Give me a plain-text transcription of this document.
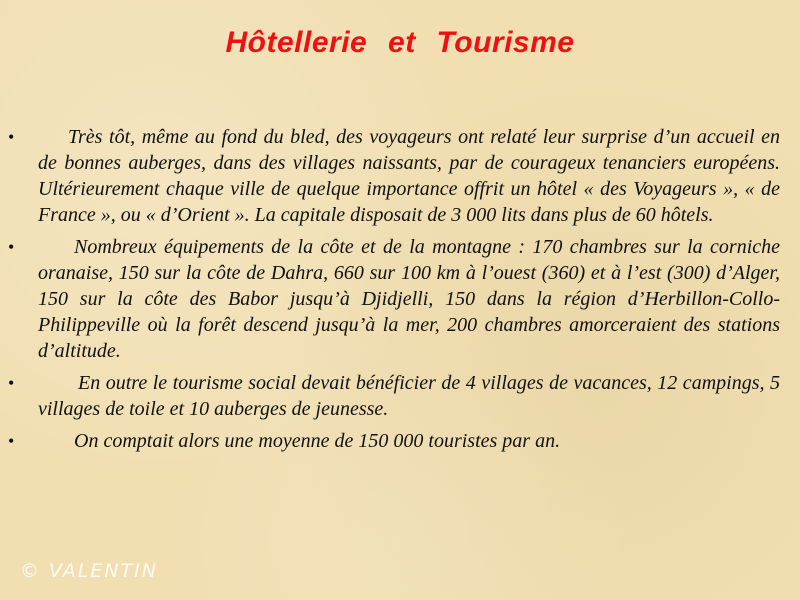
Hôtellerie et Tourisme
•	Très tôt, même au fond du bled, des voyageurs ont relaté leur surprise d’un accueil en de bonnes auberges, dans des villages naissants, par de courageux tenanciers européens. Ultérieurement chaque ville de quelque importance offrit un hôtel « des Voyageurs », « de France », ou « d’Orient ». La capitale disposait de 3 000 lits dans plus de 60 hôtels.
•	Nombreux équipements de la côte et de la montagne : 170 chambres sur la corniche oranaise, 150 sur la côte de Dahra, 660 sur 100 km à l’ouest (360) et à l’est (300) d’Alger, 150 sur la côte des Babor jusqu’à Djidjelli, 150 dans la région d’Herbillon-Collo-Philippeville où la forêt descend jusqu’à la mer, 200 chambres amorceraient des stations d’altitude.
•	En outre le tourisme social devait bénéficier de 4 villages de vacances, 12 campings, 5 villages de toile et 10 auberges de jeunesse.
•	On comptait alors une moyenne de 150 000 touristes par an.
© VALENTIN
